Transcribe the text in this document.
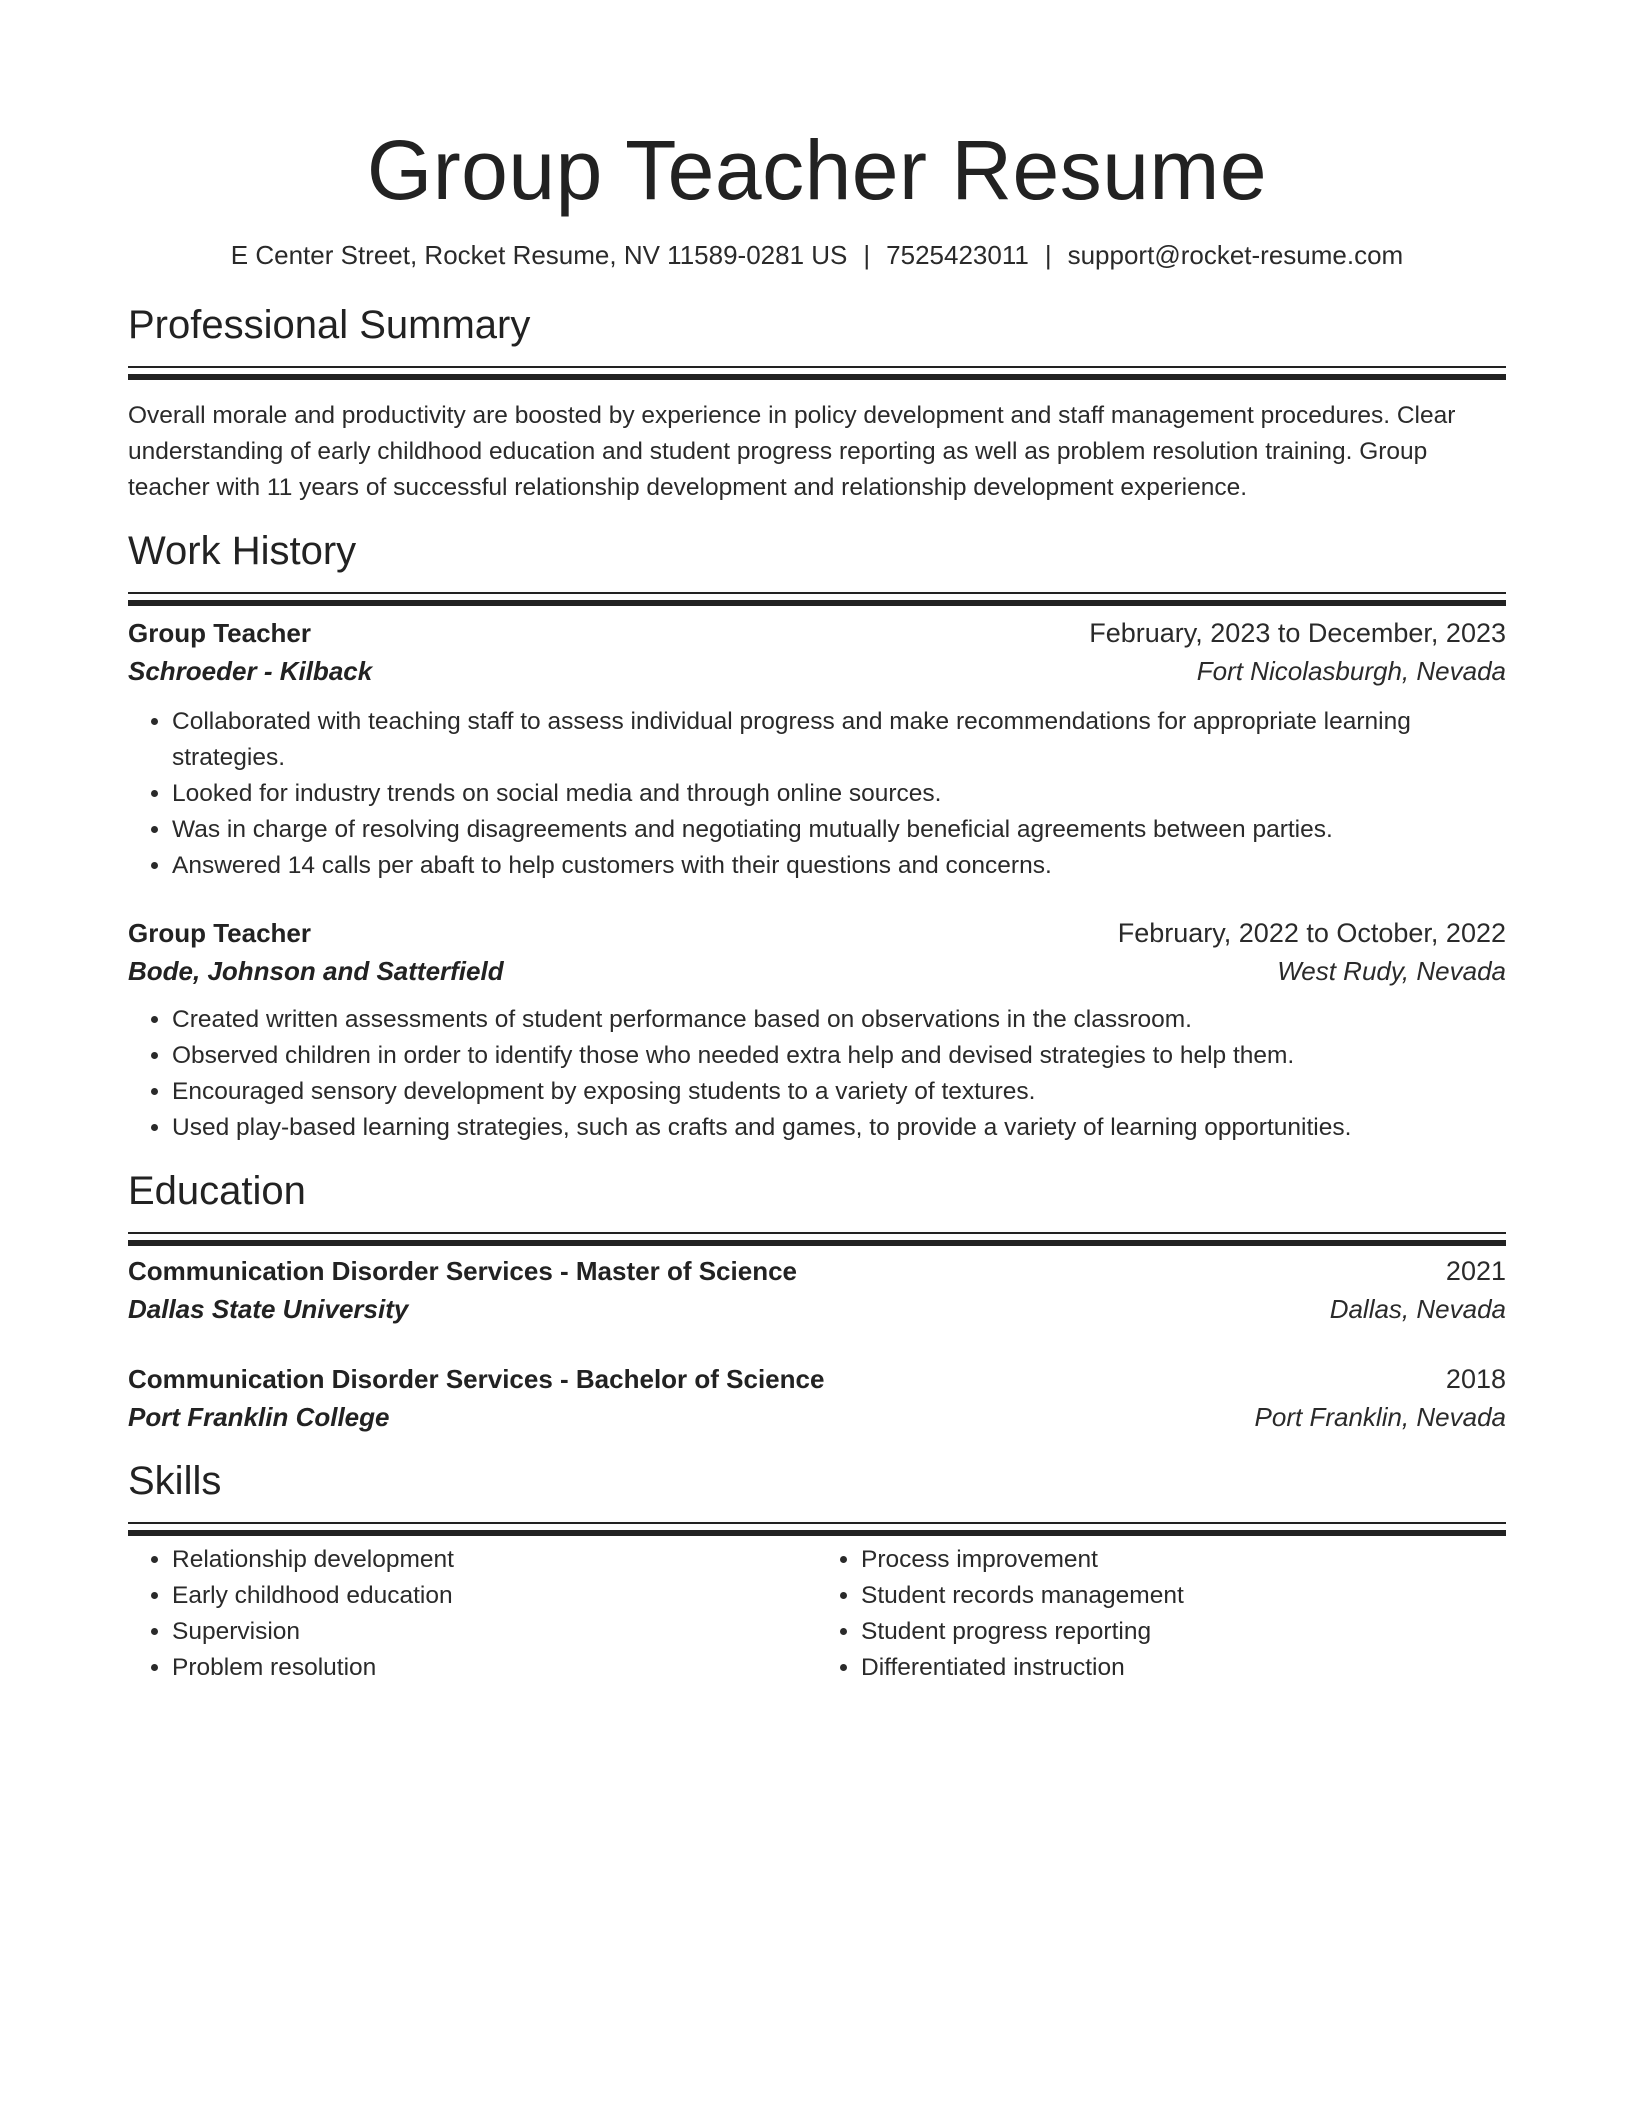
Group Teacher Resume
E Center Street, Rocket Resume, NV 11589-0281 US | 7525423011 | support@rocket-resume.com
Professional Summary
Overall morale and productivity are boosted by experience in policy development and staff management procedures. Clear understanding of early childhood education and student progress reporting as well as problem resolution training. Group teacher with 11 years of successful relationship development and relationship development experience.
Work History
Group Teacher	February, 2023 to December, 2023
Schroeder - Kilback	Fort Nicolasburgh, Nevada
• Collaborated with teaching staff to assess individual progress and make recommendations for appropriate learning strategies.
• Looked for industry trends on social media and through online sources.
• Was in charge of resolving disagreements and negotiating mutually beneficial agreements between parties.
• Answered 14 calls per abaft to help customers with their questions and concerns.
Group Teacher	February, 2022 to October, 2022
Bode, Johnson and Satterfield	West Rudy, Nevada
• Created written assessments of student performance based on observations in the classroom.
• Observed children in order to identify those who needed extra help and devised strategies to help them.
• Encouraged sensory development by exposing students to a variety of textures.
• Used play-based learning strategies, such as crafts and games, to provide a variety of learning opportunities.
Education
Communication Disorder Services - Master of Science	2021
Dallas State University	Dallas, Nevada
Communication Disorder Services - Bachelor of Science	2018
Port Franklin College	Port Franklin, Nevada
Skills
• Relationship development
• Early childhood education
• Supervision
• Problem resolution
• Process improvement
• Student records management
• Student progress reporting
• Differentiated instruction
